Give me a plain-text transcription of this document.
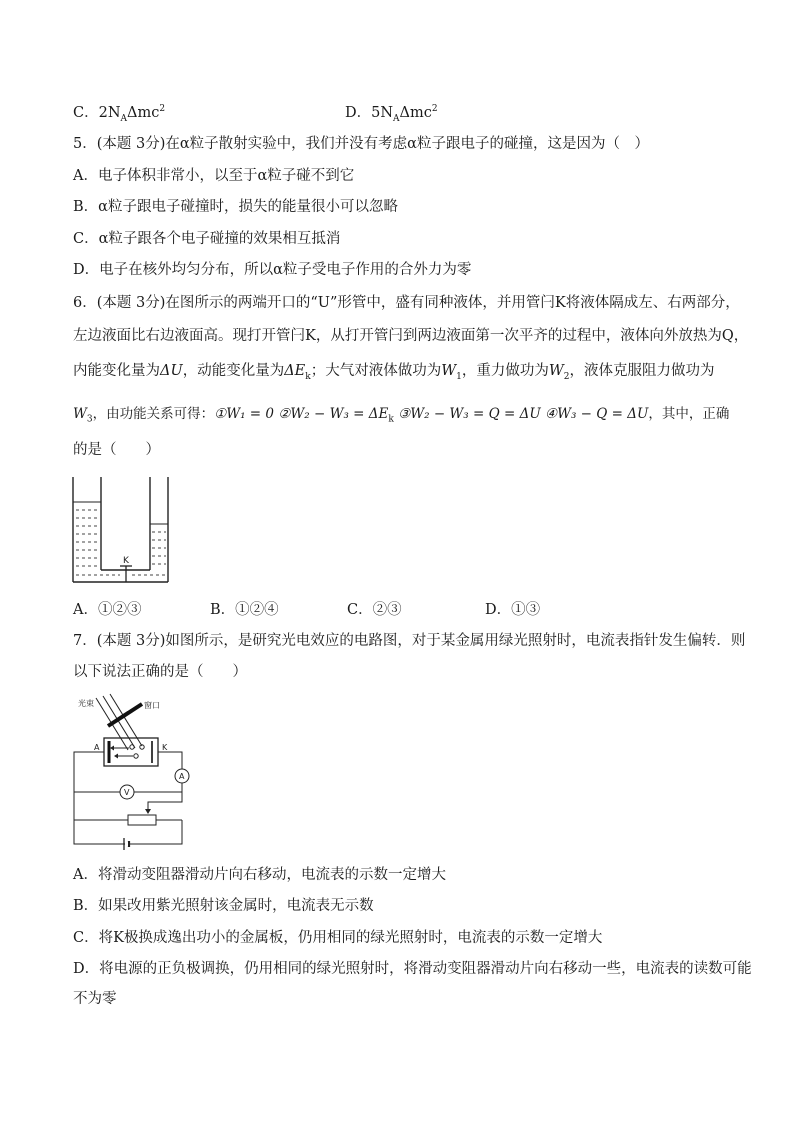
C．$2N_A\Delta mc^2$	D．$5N_A\Delta mc^2$
5．(本题 3分)在α粒子散射实验中，我们并没有考虑α粒子跟电子的碰撞，这是因为（　）
A．电子体积非常小，以至于α粒子碰不到它
B．α粒子跟电子碰撞时，损失的能量很小可以忽略
C．α粒子跟各个电子碰撞的效果相互抵消
D．电子在核外均匀分布，所以α粒子受电子作用的合外力为零
6．(本题 3分)在图所示的两端开口的“U”形管中，盛有同种液体，并用管闩K将液体隔成左、右两部分，
左边液面比右边液面高。现打开管闩K，从打开管闩到两边液面第一次平齐的过程中，液体向外放热为Q，
内能变化量为ΔU，动能变化量为$\Delta E_k$；大气对液体做功为$W_1$，重力做功为$W_2$，液体克服阻力做功为
$W_3$，由功能关系可得：①W₁ = 0 ②W₂ − $W_3 = \Delta E_k$ ③W₂ − W₃ = Q = ΔU ④W₃ − Q = ΔU，其中，正确
的是（　　）
K
A．①②③	B．①②④	C．②③	D．①③
7．(本题 3分)如图所示，是研究光电效应的电路图，对于某金属用绿光照射时，电流表指针发生偏转．则
以下说法正确的是（　　）
光束	窗口
A	K
A
V
A．将滑动变阻器滑动片向右移动，电流表的示数一定增大
B．如果改用紫光照射该金属时，电流表无示数
C．将K极换成逸出功小的金属板，仍用相同的绿光照射时，电流表的示数一定增大
D．将电源的正负极调换，仍用相同的绿光照射时，将滑动变阻器滑动片向右移动一些，电流表的读数可能
不为零
